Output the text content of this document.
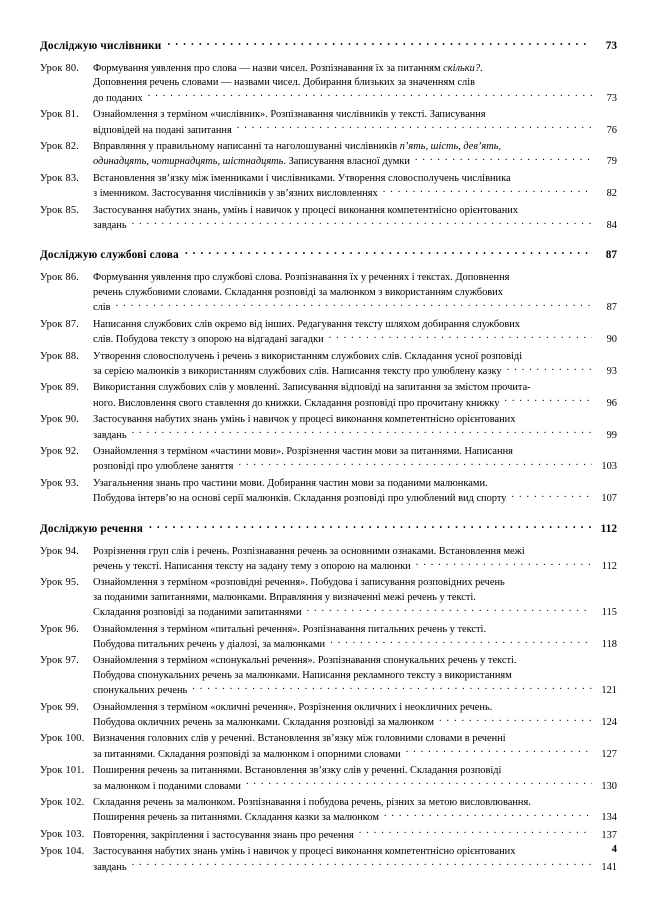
Досліджую числівники . . .	73
Урок 80.	Формування уявлення про слова — назви чисел. Розпізнавання їх за питанням скільки?.
Доповнення речень словами — назвами чисел. Добирання близьких за значенням слів
до поданих . . .	73
Урок 81.	Ознайомлення з терміном «числівник». Розпізнавання числівників у тексті. Записування
відповідей на подані запитання . . .	76
Урок 82.	Вправляння у правильному написанні та наголошуванні числівників п’ять, шість, дев’ять,
одинадцять, чотирнадцять, шістнадцять. Записування власної думки . . .	79
Урок 83.	Встановлення зв’язку між іменниками і числівниками. Утворення словосполучень числівника
з іменником. Застосування числівників у зв’язних висловленнях . . .	82
Урок 85.	Застосування набутих знань, умінь і навичок у процесі виконання компетентнісно орієнтованих
завдань . . .	84
Досліджую службові слова . . .	87
Урок 86.	Формування уявлення про службові слова. Розпізнавання їх у реченнях і текстах. Доповнення
речень службовими словами. Складання розповіді за малюнком з використанням службових
слів . . .	87
Урок 87.	Написання службових слів окремо від інших. Редагування тексту шляхом добирання службових
слів. Побудова тексту з опорою на відгадані загадки . . .	90
Урок 88.	Утворення словосполучень і речень з використанням службових слів. Складання усної розповіді
за серією малюнків з використанням службових слів. Написання тексту про улюблену казку . . .	93
Урок 89.	Використання службових слів у мовленні. Записування відповіді на запитання за змістом прочита-
ного. Висловлення свого ставлення до книжки. Складання розповіді про прочитану книжку . . .	96
Урок 90.	Застосування набутих знань умінь і навичок у процесі виконання компетентнісно орієнтованих
завдань . . .	99
Урок 92.	Ознайомлення з терміном «частини мови». Розрізнення частин мови за питаннями. Написання
розповіді про улюблене заняття . . .	103
Урок 93.	Узагальнення знань про частини мови. Добирання частин мови за поданими малюнками.
Побудова інтерв’ю на основі серії малюнків. Складання розповіді про улюблений вид спорту . . .	107
Досліджую речення . . .	112
Урок 94.	Розрізнення груп слів і речень. Розпізнавання речень за основними ознаками. Встановлення межі
речень у тексті. Написання тексту на задану тему з опорою на малюнки . . .	112
Урок 95.	Ознайомлення з терміном «розповідні речення». Побудова і записування розповідних речень
за поданими запитаннями, малюнками. Вправляння у визначенні межі речень у тексті.
Складання розповіді за поданими запитаннями . . .	115
Урок 96.	Ознайомлення з терміном «питальні речення». Розпізнавання питальних речень у тексті.
Побудова питальних речень у діалозі, за малюнками . . .	118
Урок 97.	Ознайомлення з терміном «спонукальні речення». Розпізнавання спонукальних речень у тексті.
Побудова спонукальних речень за малюнками. Написання рекламного тексту з використанням
спонукальних речень . . .	121
Урок 99.	Ознайомлення з терміном «окличні речення». Розрізнення окличних і неокличних речень.
Побудова окличних речень за малюнками. Складання розповіді за малюнком . . .	124
Урок 100. Визначення головних слів у реченні. Встановлення зв’язку між головними словами в реченні
за питаннями. Складання розповіді за малюнком і опорними словами . . .	127
Урок 101. Поширення речень за питаннями. Встановлення зв’язку слів у реченні. Складання розповіді
за малюнком і поданими словами . . .	130
Урок 102. Складання речень за малюнком. Розпізнавання і побудова речень, різних за метою висловлювання.
Поширення речень за питаннями. Складання казки за малюнком . . .	134
Урок 103. Повторення, закріплення і застосування знань про речення . . .	137
Урок 104. Застосування набутих знань умінь і навичок у процесі виконання компетентнісно орієнтованих
завдань . . .	141
4
